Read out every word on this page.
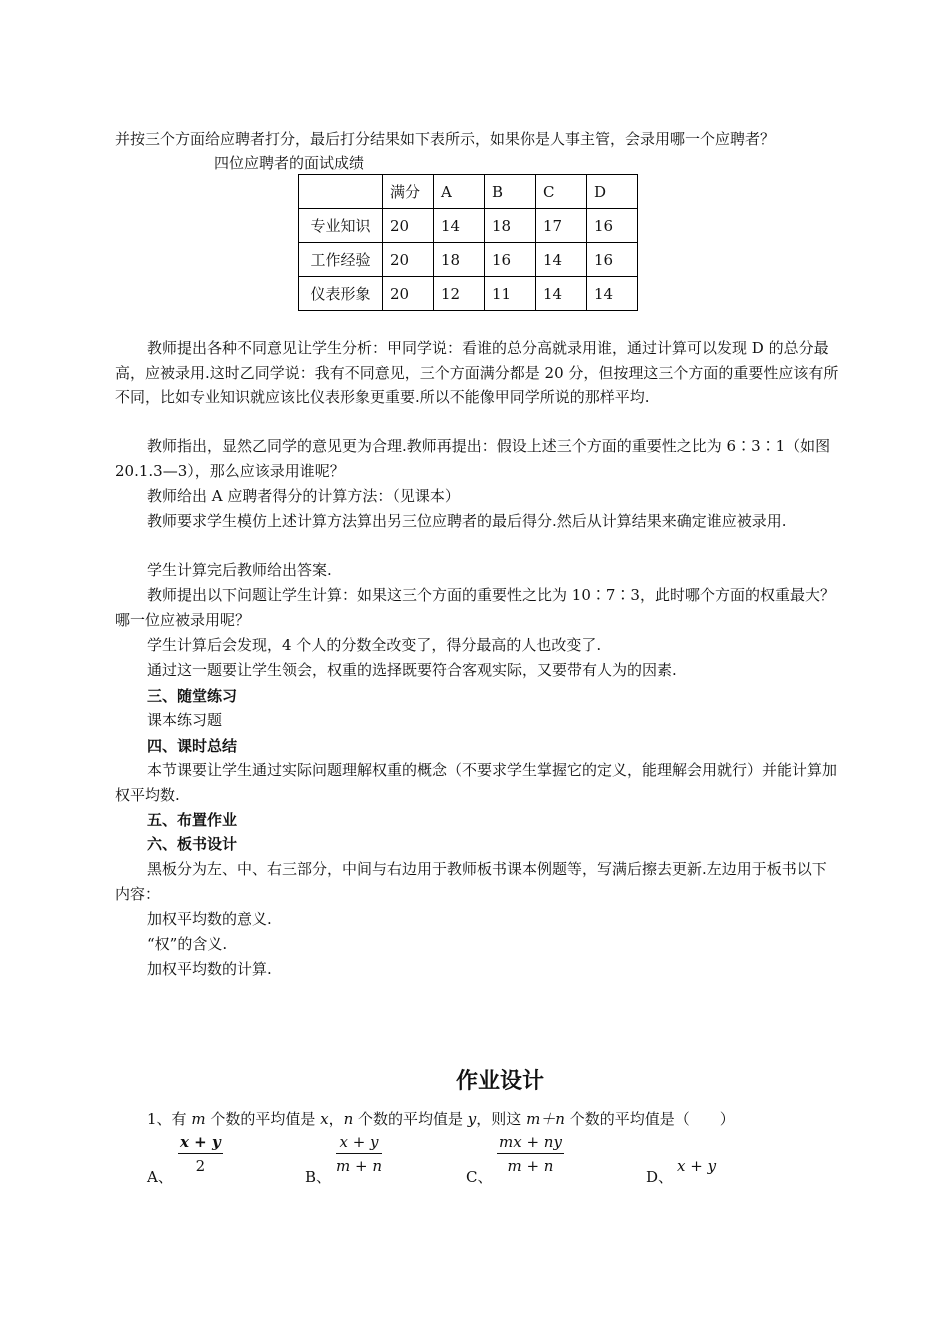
并按三个方面给应聘者打分，最后打分结果如下表所示，如果你是人事主管，会录用哪一个应聘者？
四位应聘者的面试成绩
	满分	A	B	C	D
专业知识	20	14	18	17	16
工作经验	20	18	16	14	16
仪表形象	20	12	11	14	14
教师提出各种不同意见让学生分析：甲同学说：看谁的总分高就录用谁，通过计算可以发现 D 的总分最高，应被录用.这时乙同学说：我有不同意见，三个方面满分都是 20 分，但按理这三个方面的重要性应该有所不同，比如专业知识就应该比仪表形象更重要.所以不能像甲同学所说的那样平均.
教师指出，显然乙同学的意见更为合理.教师再提出：假设上述三个方面的重要性之比为 6∶3∶1（如图 20.1.3—3），那么应该录用谁呢？
教师给出 A 应聘者得分的计算方法：（见课本）
教师要求学生模仿上述计算方法算出另三位应聘者的最后得分.然后从计算结果来确定谁应被录用.
学生计算完后教师给出答案.
教师提出以下问题让学生计算：如果这三个方面的重要性之比为 10∶7∶3，此时哪个方面的权重最大？哪一位应被录用呢？
学生计算后会发现，4 个人的分数全改变了，得分最高的人也改变了.
通过这一题要让学生领会，权重的选择既要符合客观实际，又要带有人为的因素.
三、随堂练习
课本练习题
四、课时总结
本节课要让学生通过实际问题理解权重的概念（不要求学生掌握它的定义，能理解会用就行）并能计算加权平均数.
五、布置作业
六、板书设计
黑板分为左、中、右三部分，中间与右边用于教师板书课本例题等，写满后擦去更新.左边用于板书以下内容：
加权平均数的意义.
“权”的含义.
加权平均数的计算.
作业设计
1、有 m 个数的平均值是 x，n 个数的平均值是 y，则这 m＋n 个数的平均值是（　　）
A、
$\frac{x + y}{2}$
B、
$\frac{x + y}{m + n}$
C、
$\frac{mx + ny}{m + n}$
D、
x + y
